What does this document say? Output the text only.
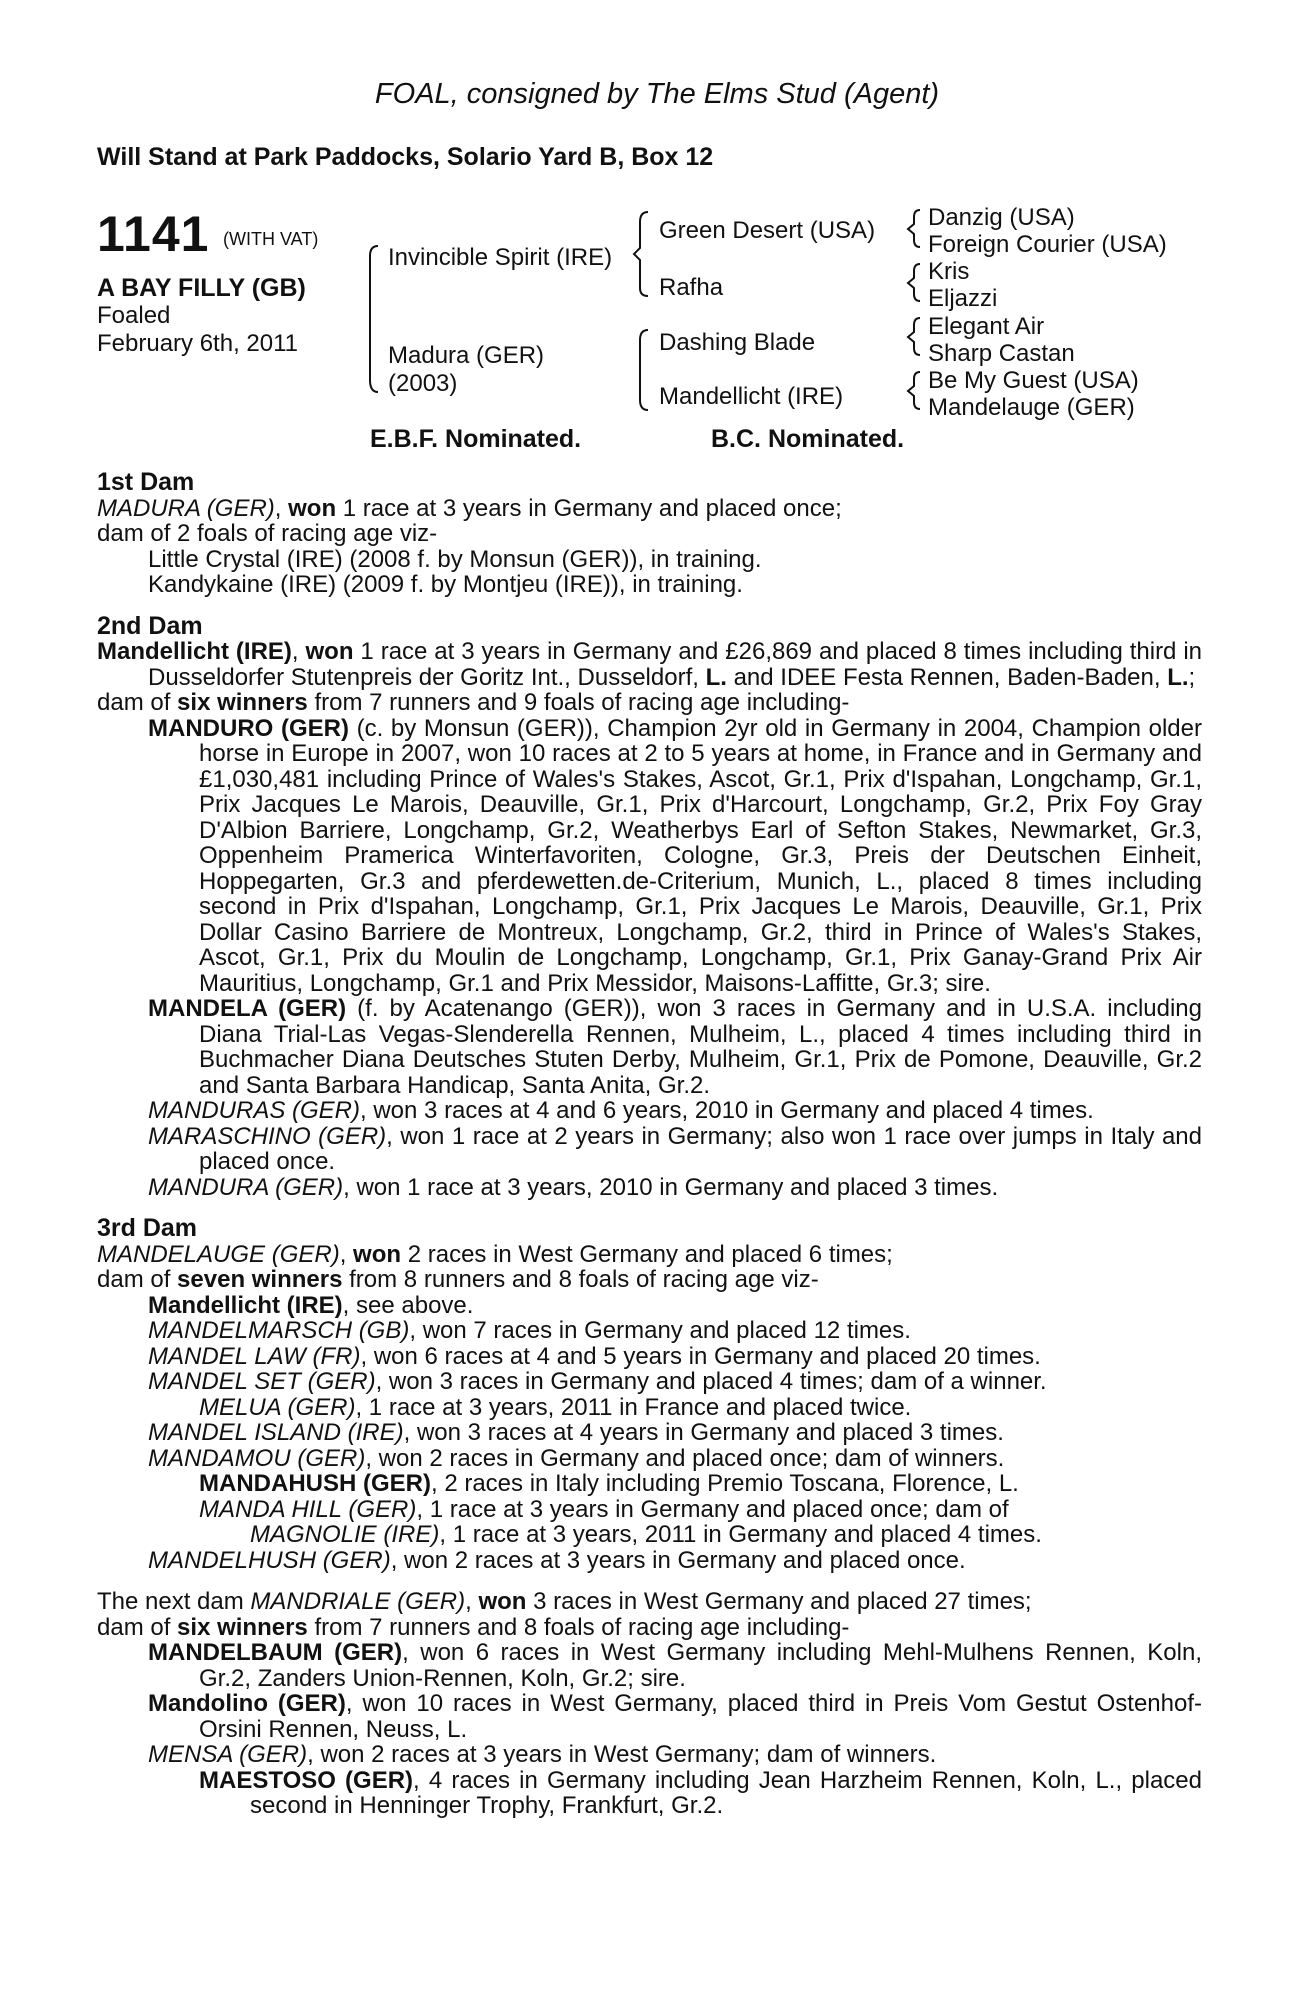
FOAL, consigned by The Elms Stud (Agent)
Will Stand at Park Paddocks, Solario Yard B, Box 12
1141 (WITH VAT)
A BAY FILLY (GB)
Foaled
February 6th, 2011
Invincible Spirit (IRE)
Madura (GER)
(2003)
Green Desert (USA)
Rafha
Dashing Blade
Mandellicht (IRE)
Danzig (USA)
Foreign Courier (USA)
Kris
Eljazzi
Elegant Air
Sharp Castan
Be My Guest (USA)
Mandelauge (GER)
E.B.F. Nominated.	B.C. Nominated.

1st Dam

MADURA (GER), won 1 race at 3 years in Germany and placed once;

dam of 2 foals of racing age viz-

Little Crystal (IRE) (2008 f. by Monsun (GER)), in training.

Kandykaine (IRE) (2009 f. by Montjeu (IRE)), in training.

2nd Dam

Mandellicht (IRE), won 1 race at 3 years in Germany and £26,869 and placed 8 times including third in Dusseldorfer Stutenpreis der Goritz Int., Dusseldorf, L. and IDEE Festa Rennen, Baden-Baden, L.;

dam of six winners from 7 runners and 9 foals of racing age including-

MANDURO (GER) (c. by Monsun (GER)), Champion 2yr old in Germany in 2004, Champion older horse in Europe in 2007, won 10 races at 2 to 5 years at home, in France and in Germany and £1,030,481 including Prince of Wales's Stakes, Ascot, Gr.1, Prix d'Ispahan, Longchamp, Gr.1, Prix Jacques Le Marois, Deauville, Gr.1, Prix d'Harcourt, Longchamp, Gr.2, Prix Foy Gray D'Albion Barriere, Longchamp, Gr.2, Weatherbys Earl of Sefton Stakes, Newmarket, Gr.3, Oppenheim Pramerica Winterfavoriten, Cologne, Gr.3, Preis der Deutschen Einheit, Hoppegarten, Gr.3 and pferdewetten.de-Criterium, Munich, L., placed 8 times including second in Prix d'Ispahan, Longchamp, Gr.1, Prix Jacques Le Marois, Deauville, Gr.1, Prix Dollar Casino Barriere de Montreux, Longchamp, Gr.2, third in Prince of Wales's Stakes, Ascot, Gr.1, Prix du Moulin de Longchamp, Longchamp, Gr.1, Prix Ganay-Grand Prix Air Mauritius, Longchamp, Gr.1 and Prix Messidor, Maisons-Laffitte, Gr.3; sire.

MANDELA (GER) (f. by Acatenango (GER)), won 3 races in Germany and in U.S.A. including Diana Trial-Las Vegas-Slenderella Rennen, Mulheim, L., placed 4 times including third in Buchmacher Diana Deutsches Stuten Derby, Mulheim, Gr.1, Prix de Pomone, Deauville, Gr.2 and Santa Barbara Handicap, Santa Anita, Gr.2.

MANDURAS (GER), won 3 races at 4 and 6 years, 2010 in Germany and placed 4 times.

MARASCHINO (GER), won 1 race at 2 years in Germany; also won 1 race over jumps in Italy and placed once.

MANDURA (GER), won 1 race at 3 years, 2010 in Germany and placed 3 times.

3rd Dam

MANDELAUGE (GER), won 2 races in West Germany and placed 6 times;

dam of seven winners from 8 runners and 8 foals of racing age viz-

Mandellicht (IRE), see above.

MANDELMARSCH (GB), won 7 races in Germany and placed 12 times.

MANDEL LAW (FR), won 6 races at 4 and 5 years in Germany and placed 20 times.

MANDEL SET (GER), won 3 races in Germany and placed 4 times; dam of a winner.

MELUA (GER), 1 race at 3 years, 2011 in France and placed twice.

MANDEL ISLAND (IRE), won 3 races at 4 years in Germany and placed 3 times.

MANDAMOU (GER), won 2 races in Germany and placed once; dam of winners.

MANDAHUSH (GER), 2 races in Italy including Premio Toscana, Florence, L.

MANDA HILL (GER), 1 race at 3 years in Germany and placed once; dam of

MAGNOLIE (IRE), 1 race at 3 years, 2011 in Germany and placed 4 times.

MANDELHUSH (GER), won 2 races at 3 years in Germany and placed once.

The next dam MANDRIALE (GER), won 3 races in West Germany and placed 27 times;

dam of six winners from 7 runners and 8 foals of racing age including-

MANDELBAUM (GER), won 6 races in West Germany including Mehl-Mulhens Rennen, Koln, Gr.2, Zanders Union-Rennen, Koln, Gr.2; sire.

Mandolino (GER), won 10 races in West Germany, placed third in Preis Vom Gestut Ostenhof-Orsini Rennen, Neuss, L.

MENSA (GER), won 2 races at 3 years in West Germany; dam of winners.

MAESTOSO (GER), 4 races in Germany including Jean Harzheim Rennen, Koln, L., placed second in Henninger Trophy, Frankfurt, Gr.2.
